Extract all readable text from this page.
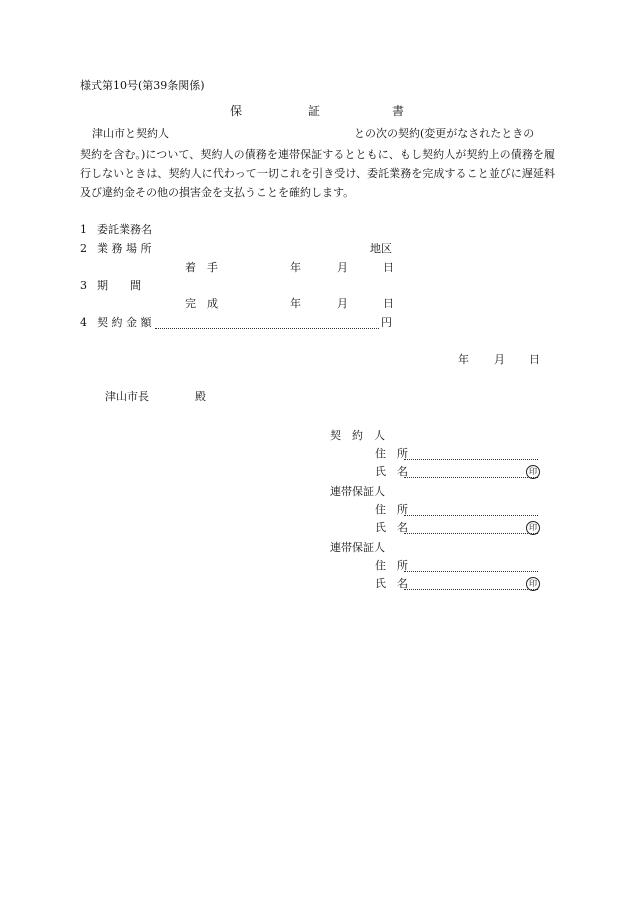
様式第10号(第39条関係)
保	証	書
津山市と契約人	との次の契約(変更がなされたときの
契約を含む。)について、契約人の債務を連帯保証するとともに、もし契約人が契約上の債務を履行しないときは、契約人に代わって一切これを引き受け、委託業務を完成すること並びに遅延料及び違約金その他の損害金を支払うことを確約します。
1 委託業務名
2 業 務 場 所	地区
着　手	年	月	日
3 期　　間
完　成	年	月	日
4 契 約 金 額	円
年 月 日
津山市長	殿
契　約　人
住　所
氏　名	印
連帯保証人
住　所
氏　名	印
連帯保証人
住　所
氏　名	印
